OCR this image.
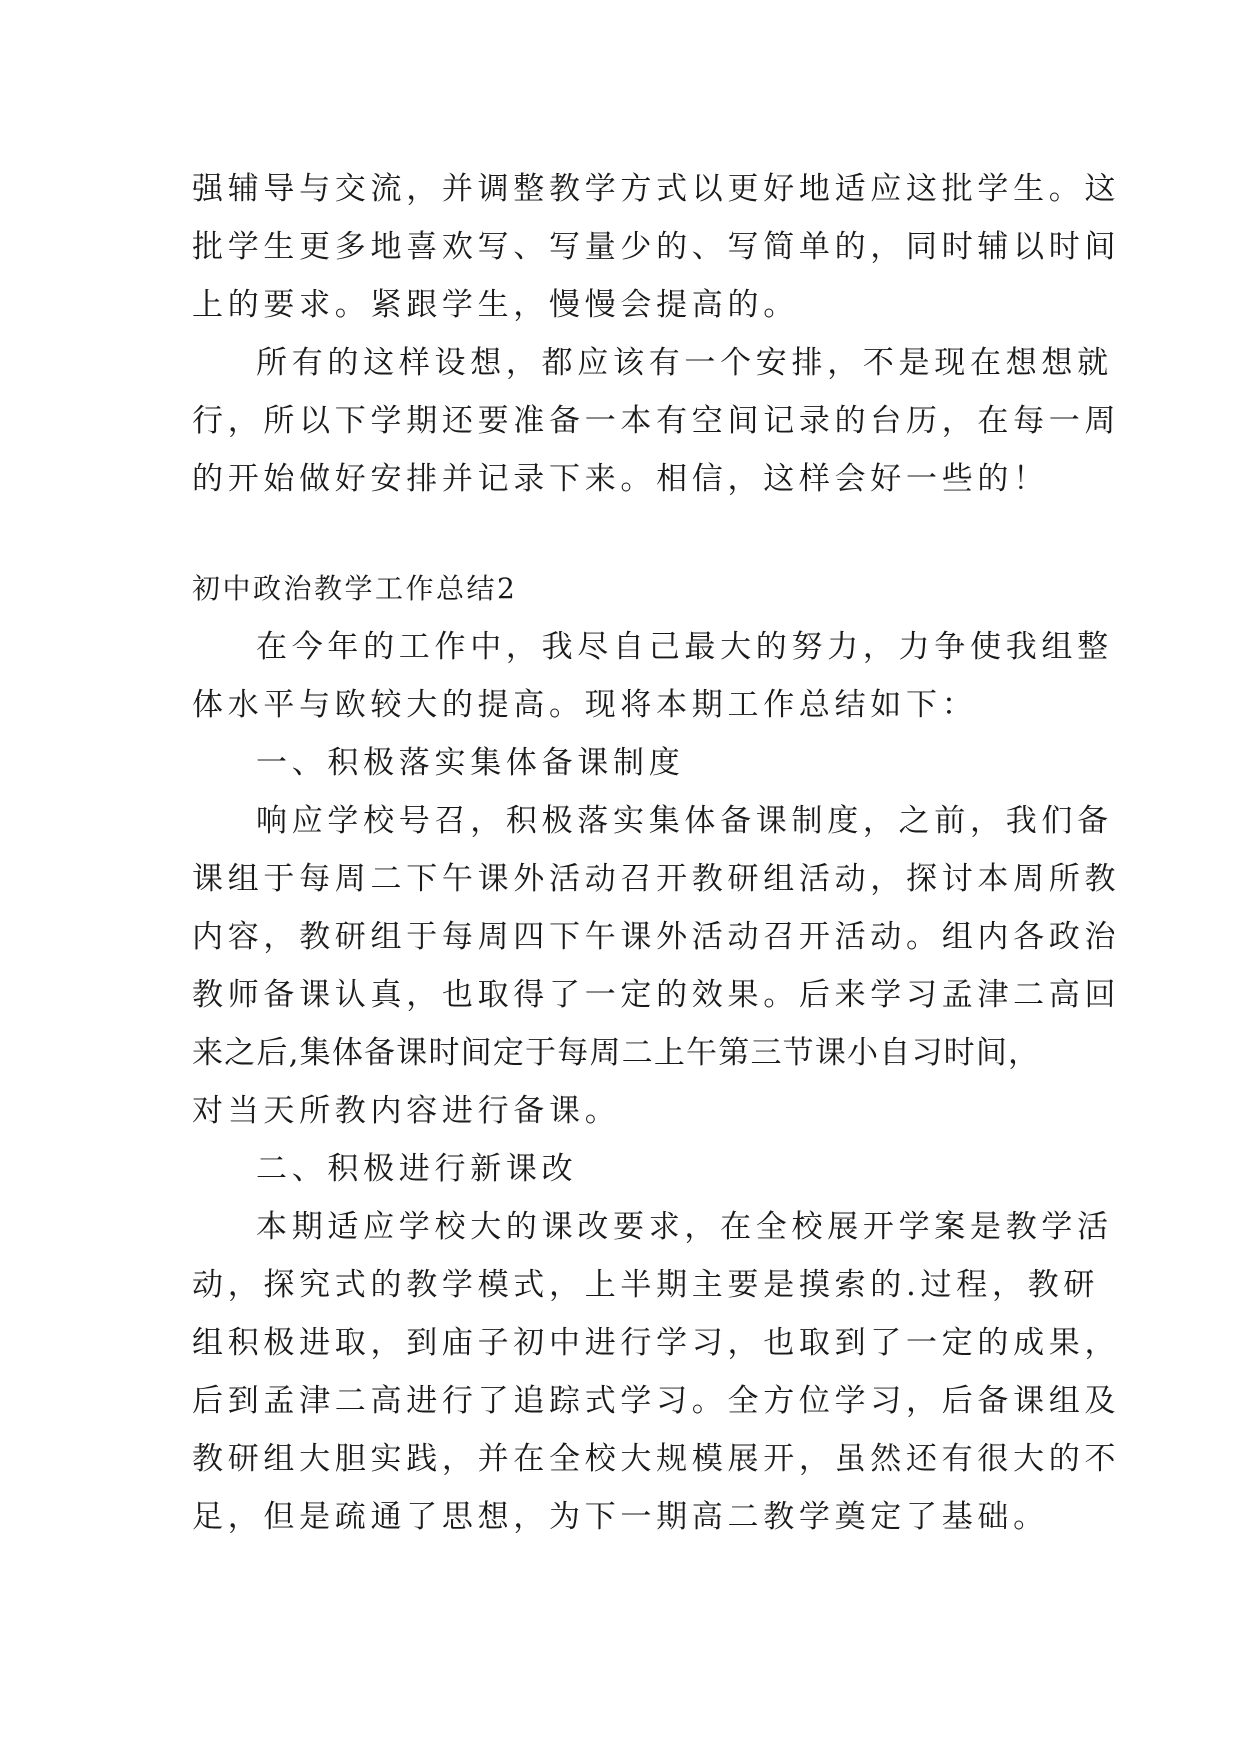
强辅导与交流，并调整教学方式以更好地适应这批学生。这
批学生更多地喜欢写、写量少的、写简单的，同时辅以时间
上的要求。紧跟学生，慢慢会提高的。
所有的这样设想，都应该有一个安排，不是现在想想就
行，所以下学期还要准备一本有空间记录的台历，在每一周
的开始做好安排并记录下来。相信，这样会好一些的！
初中政治教学工作总结2
在今年的工作中，我尽自己最大的努力，力争使我组整
体水平与欧较大的提高。现将本期工作总结如下：
一、积极落实集体备课制度
响应学校号召，积极落实集体备课制度，之前，我们备
课组于每周二下午课外活动召开教研组活动，探讨本周所教
内容，教研组于每周四下午课外活动召开活动。组内各政治
教师备课认真，也取得了一定的效果。后来学习孟津二高回
来之后,集体备课时间定于每周二上午第三节课小自习时间，
对当天所教内容进行备课。
二、积极进行新课改
本期适应学校大的课改要求，在全校展开学案是教学活
动，探究式的教学模式，上半期主要是摸索的.过程，教研
组积极进取，到庙子初中进行学习，也取到了一定的成果，
后到孟津二高进行了追踪式学习。全方位学习，后备课组及
教研组大胆实践，并在全校大规模展开，虽然还有很大的不
足，但是疏通了思想，为下一期高二教学奠定了基础。
